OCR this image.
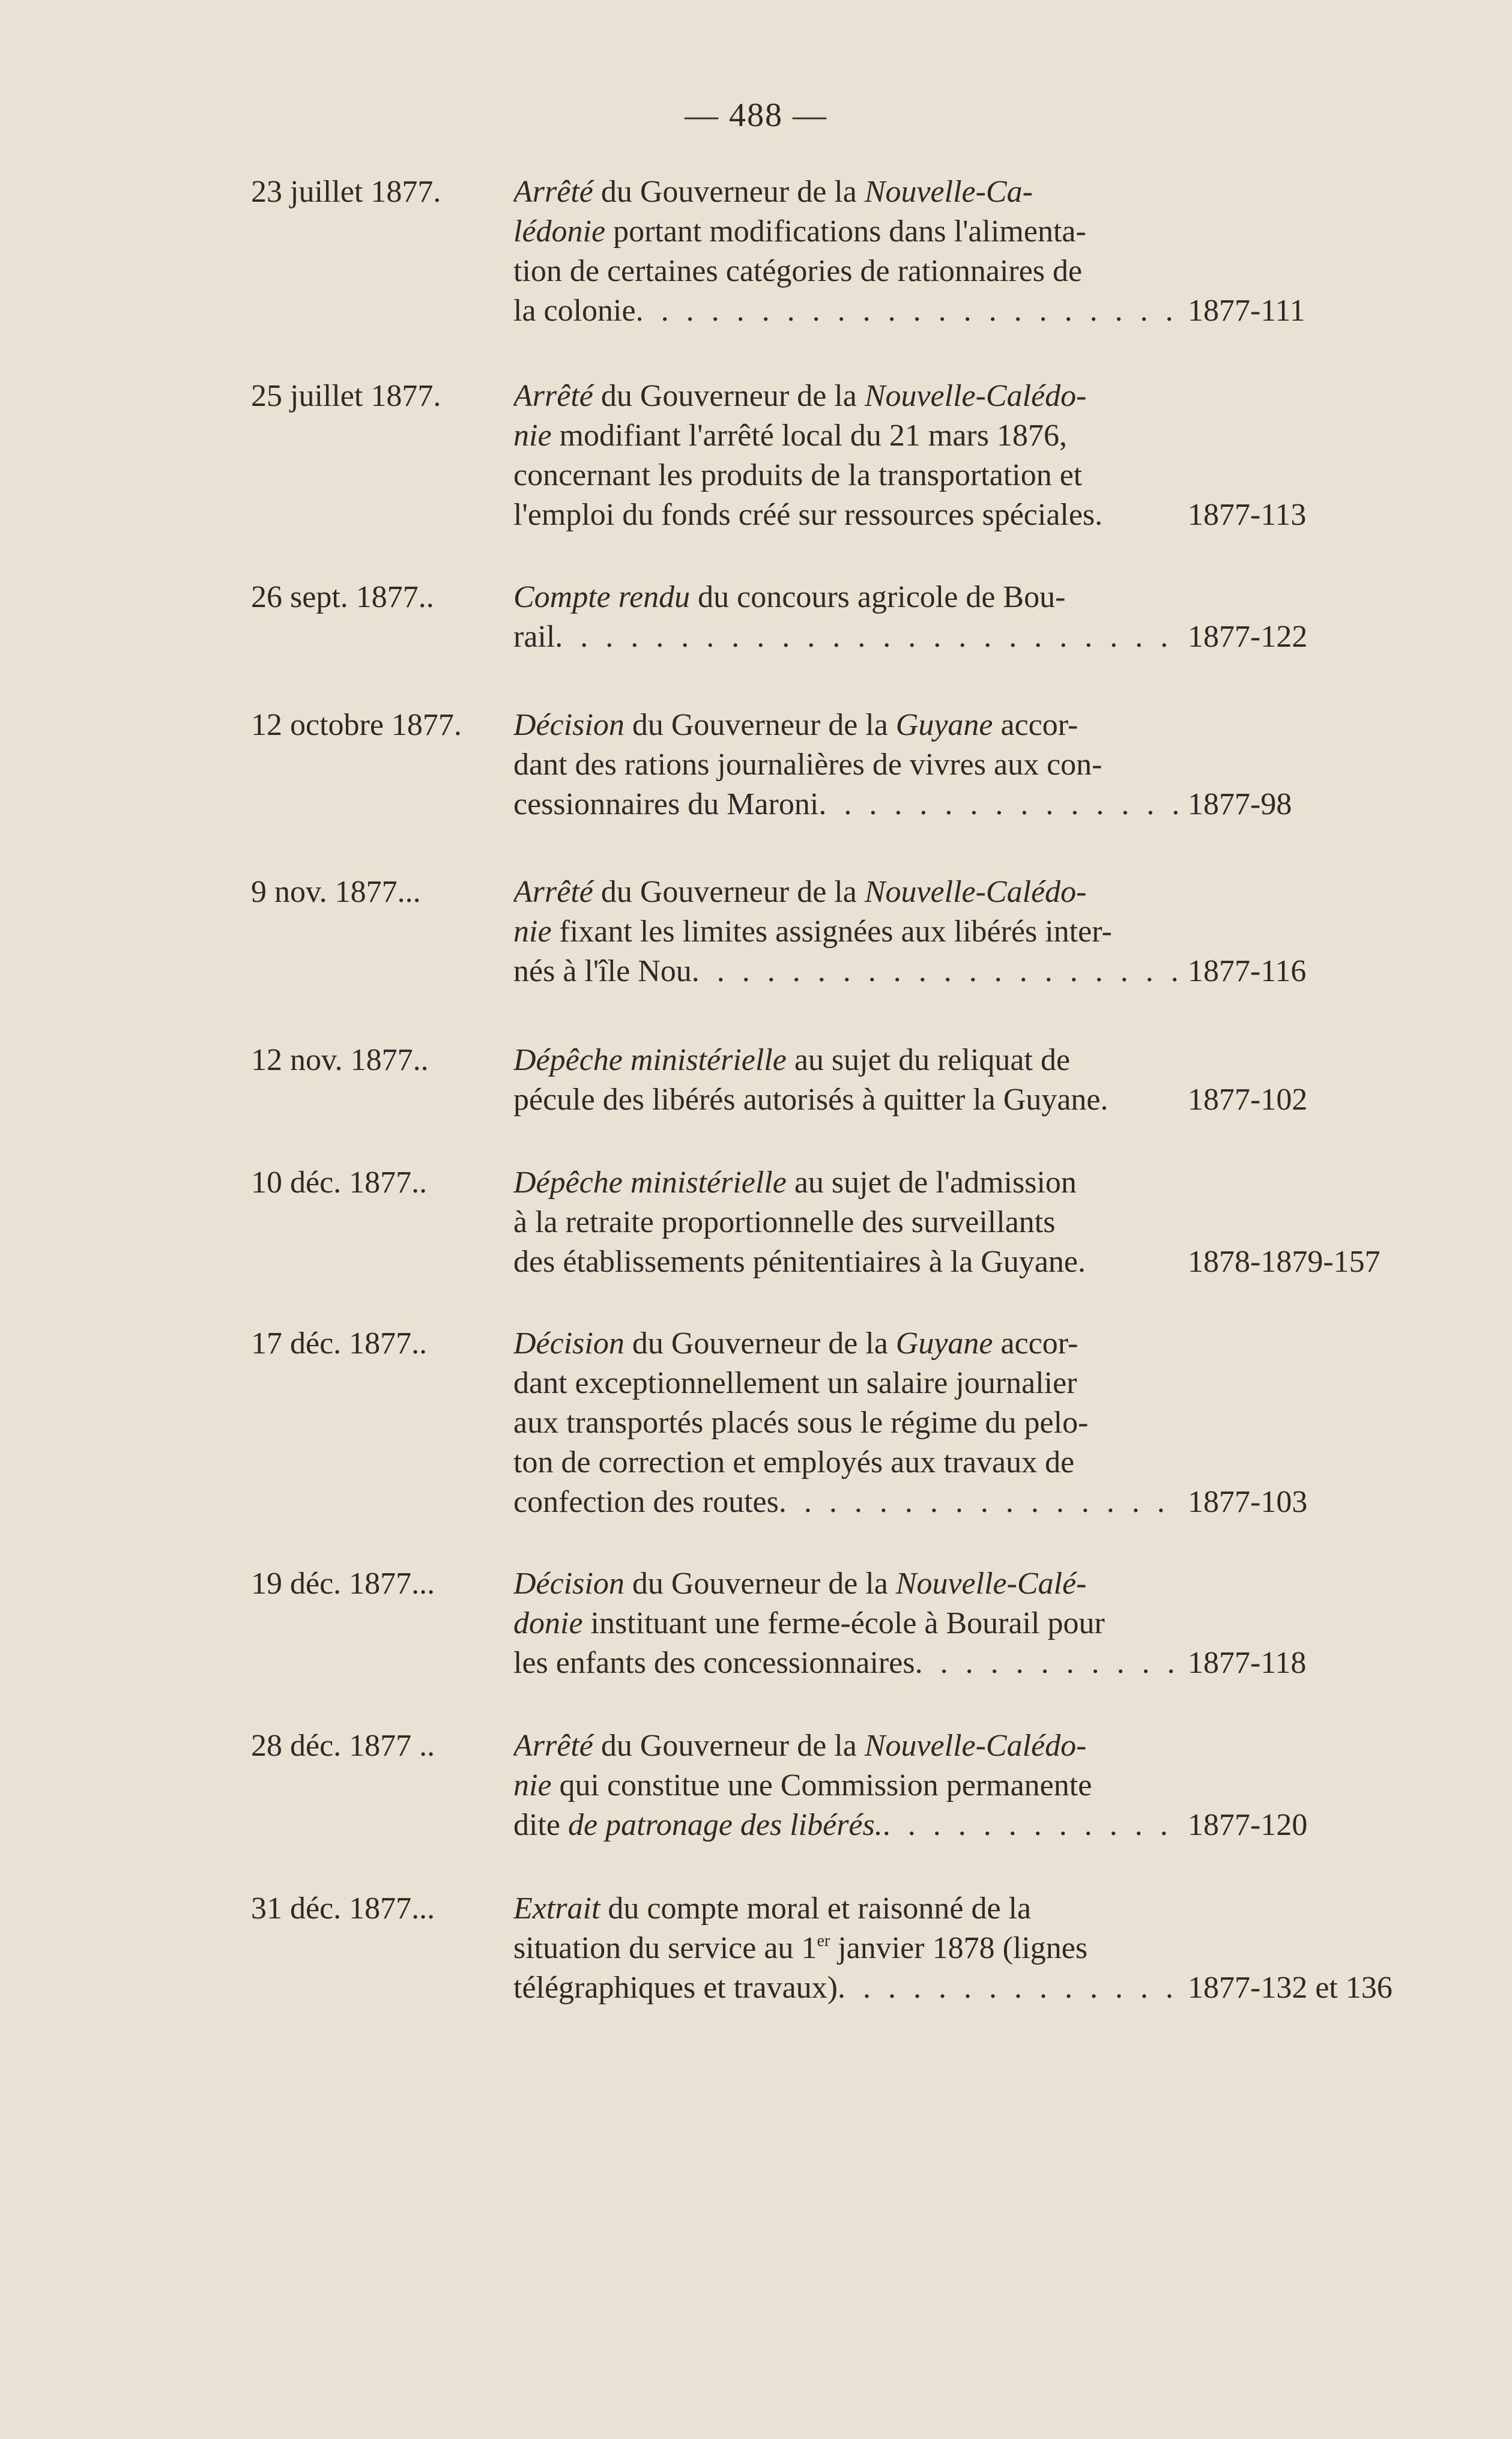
— 488 —
23 juillet 1877. Arrêté du Gouverneur de la Nouvelle-Ca-
lédonie portant modifications dans l'alimenta-
tion de certaines catégories de rationnaires de
la colonie . . .	1877-111
25 juillet 1877. Arrêté du Gouverneur de la Nouvelle-Calédo-
nie modifiant l'arrêté local du 21 mars 1876,
concernant les produits de la transportation et
l'emploi du fonds créé sur ressources spéciales.	1877-113
26 sept. 1877..	Compte rendu du concours agricole de Bou-
rail . . .	1877-122
12 octobre 1877. Décision du Gouverneur de la Guyane accor-
dant des rations journalières de vivres aux con-
cessionnaires du Maroni . . .	1877-98
9 nov. 1877...	Arrêté du Gouverneur de la Nouvelle-Calédo-
nie fixant les limites assignées aux libérés inter-
nés à l'île Nou . . .	1877-116
12 nov. 1877..	Dépêche ministérielle au sujet du reliquat de
pécule des libérés autorisés à quitter la Guyane.	1877-102
10 déc. 1877..	Dépêche ministérielle au sujet de l'admission
à la retraite proportionnelle des surveillants
des établissements pénitentiaires à la Guyane.	1878-1879-157
17 déc. 1877..	Décision du Gouverneur de la Guyane accor-
dant exceptionnellement un salaire journalier
aux transportés placés sous le régime du pelo-
ton de correction et employés aux travaux de
confection des routes . . .	1877-103
19 déc. 1877...	Décision du Gouverneur de la Nouvelle-Calé-
donie instituant une ferme-école à Bourail pour
les enfants des concessionnaires . . .	1877-118
28 déc. 1877 ..	Arrêté du Gouverneur de la Nouvelle-Calédo-
nie qui constitue une Commission permanente
dite de patronage des libérés. . . .	1877-120
31 déc. 1877...	Extrait du compte moral et raisonné de la
situation du service au 1er janvier 1878 (lignes
télégraphiques et travaux) . . .	1877-132 et 136
